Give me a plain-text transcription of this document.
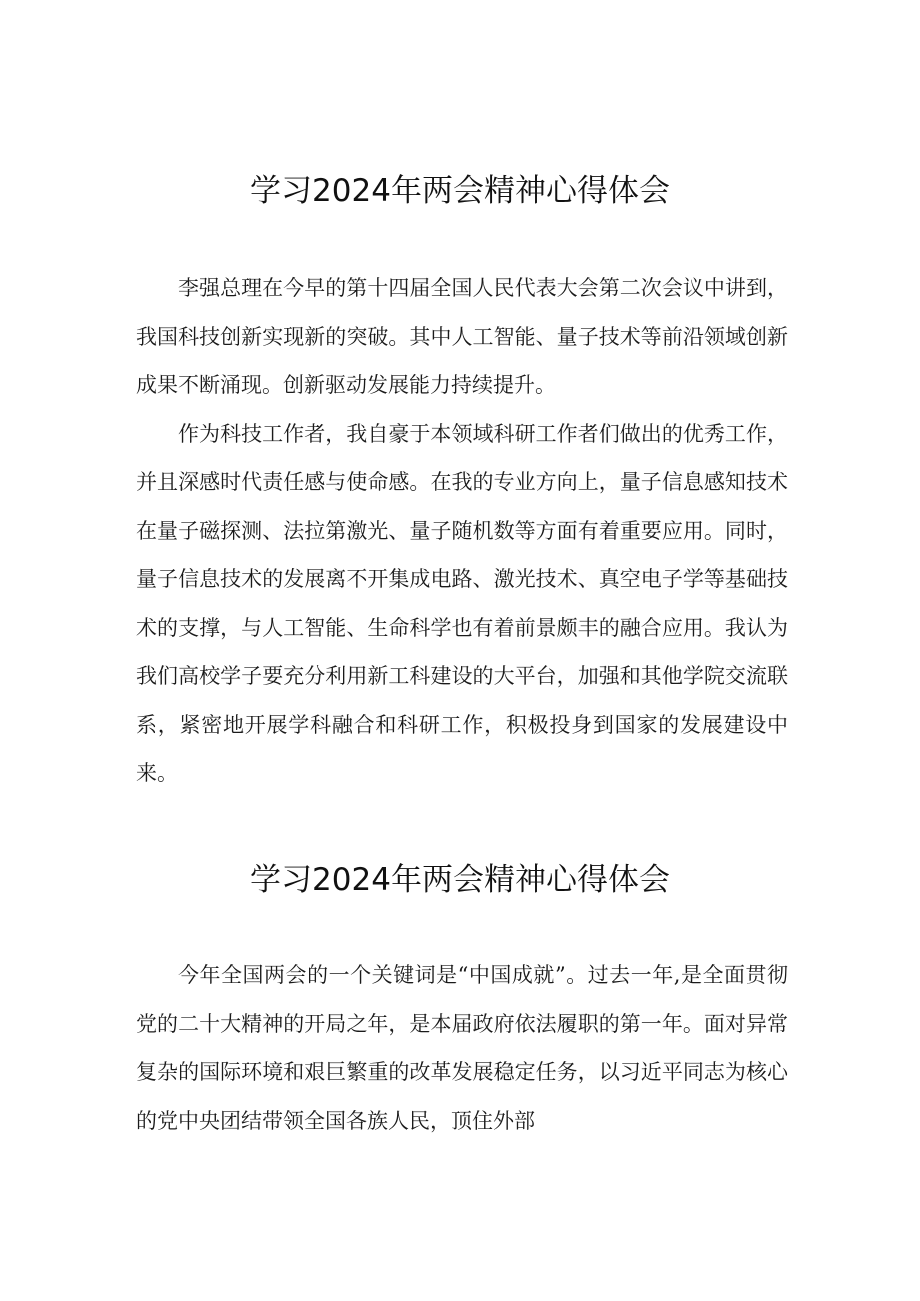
学习2024年两会精神心得体会

李强总理在今早的第十四届全国人民代表大会第二次会议中讲到，我国科技创新实现新的突破。其中人工智能、量子技术等前沿领域创新成果不断涌现。创新驱动发展能力持续提升。

作为科技工作者，我自豪于本领域科研工作者们做出的优秀工作，并且深感时代责任感与使命感。在我的专业方向上，量子信息感知技术在量子磁探测、法拉第激光、量子随机数等方面有着重要应用。同时，量子信息技术的发展离不开集成电路、激光技术、真空电子学等基础技术的支撑，与人工智能、生命科学也有着前景颇丰的融合应用。我认为我们高校学子要充分利用新工科建设的大平台，加强和其他学院交流联系，紧密地开展学科融合和科研工作，积极投身到国家的发展建设中来。

学习2024年两会精神心得体会

今年全国两会的一个关键词是“中国成就”。过去一年,是全面贯彻党的二十大精神的开局之年，是本届政府依法履职的第一年。面对异常复杂的国际环境和艰巨繁重的改革发展稳定任务，以习近平同志为核心的党中央团结带领全国各族人民，顶住外部
